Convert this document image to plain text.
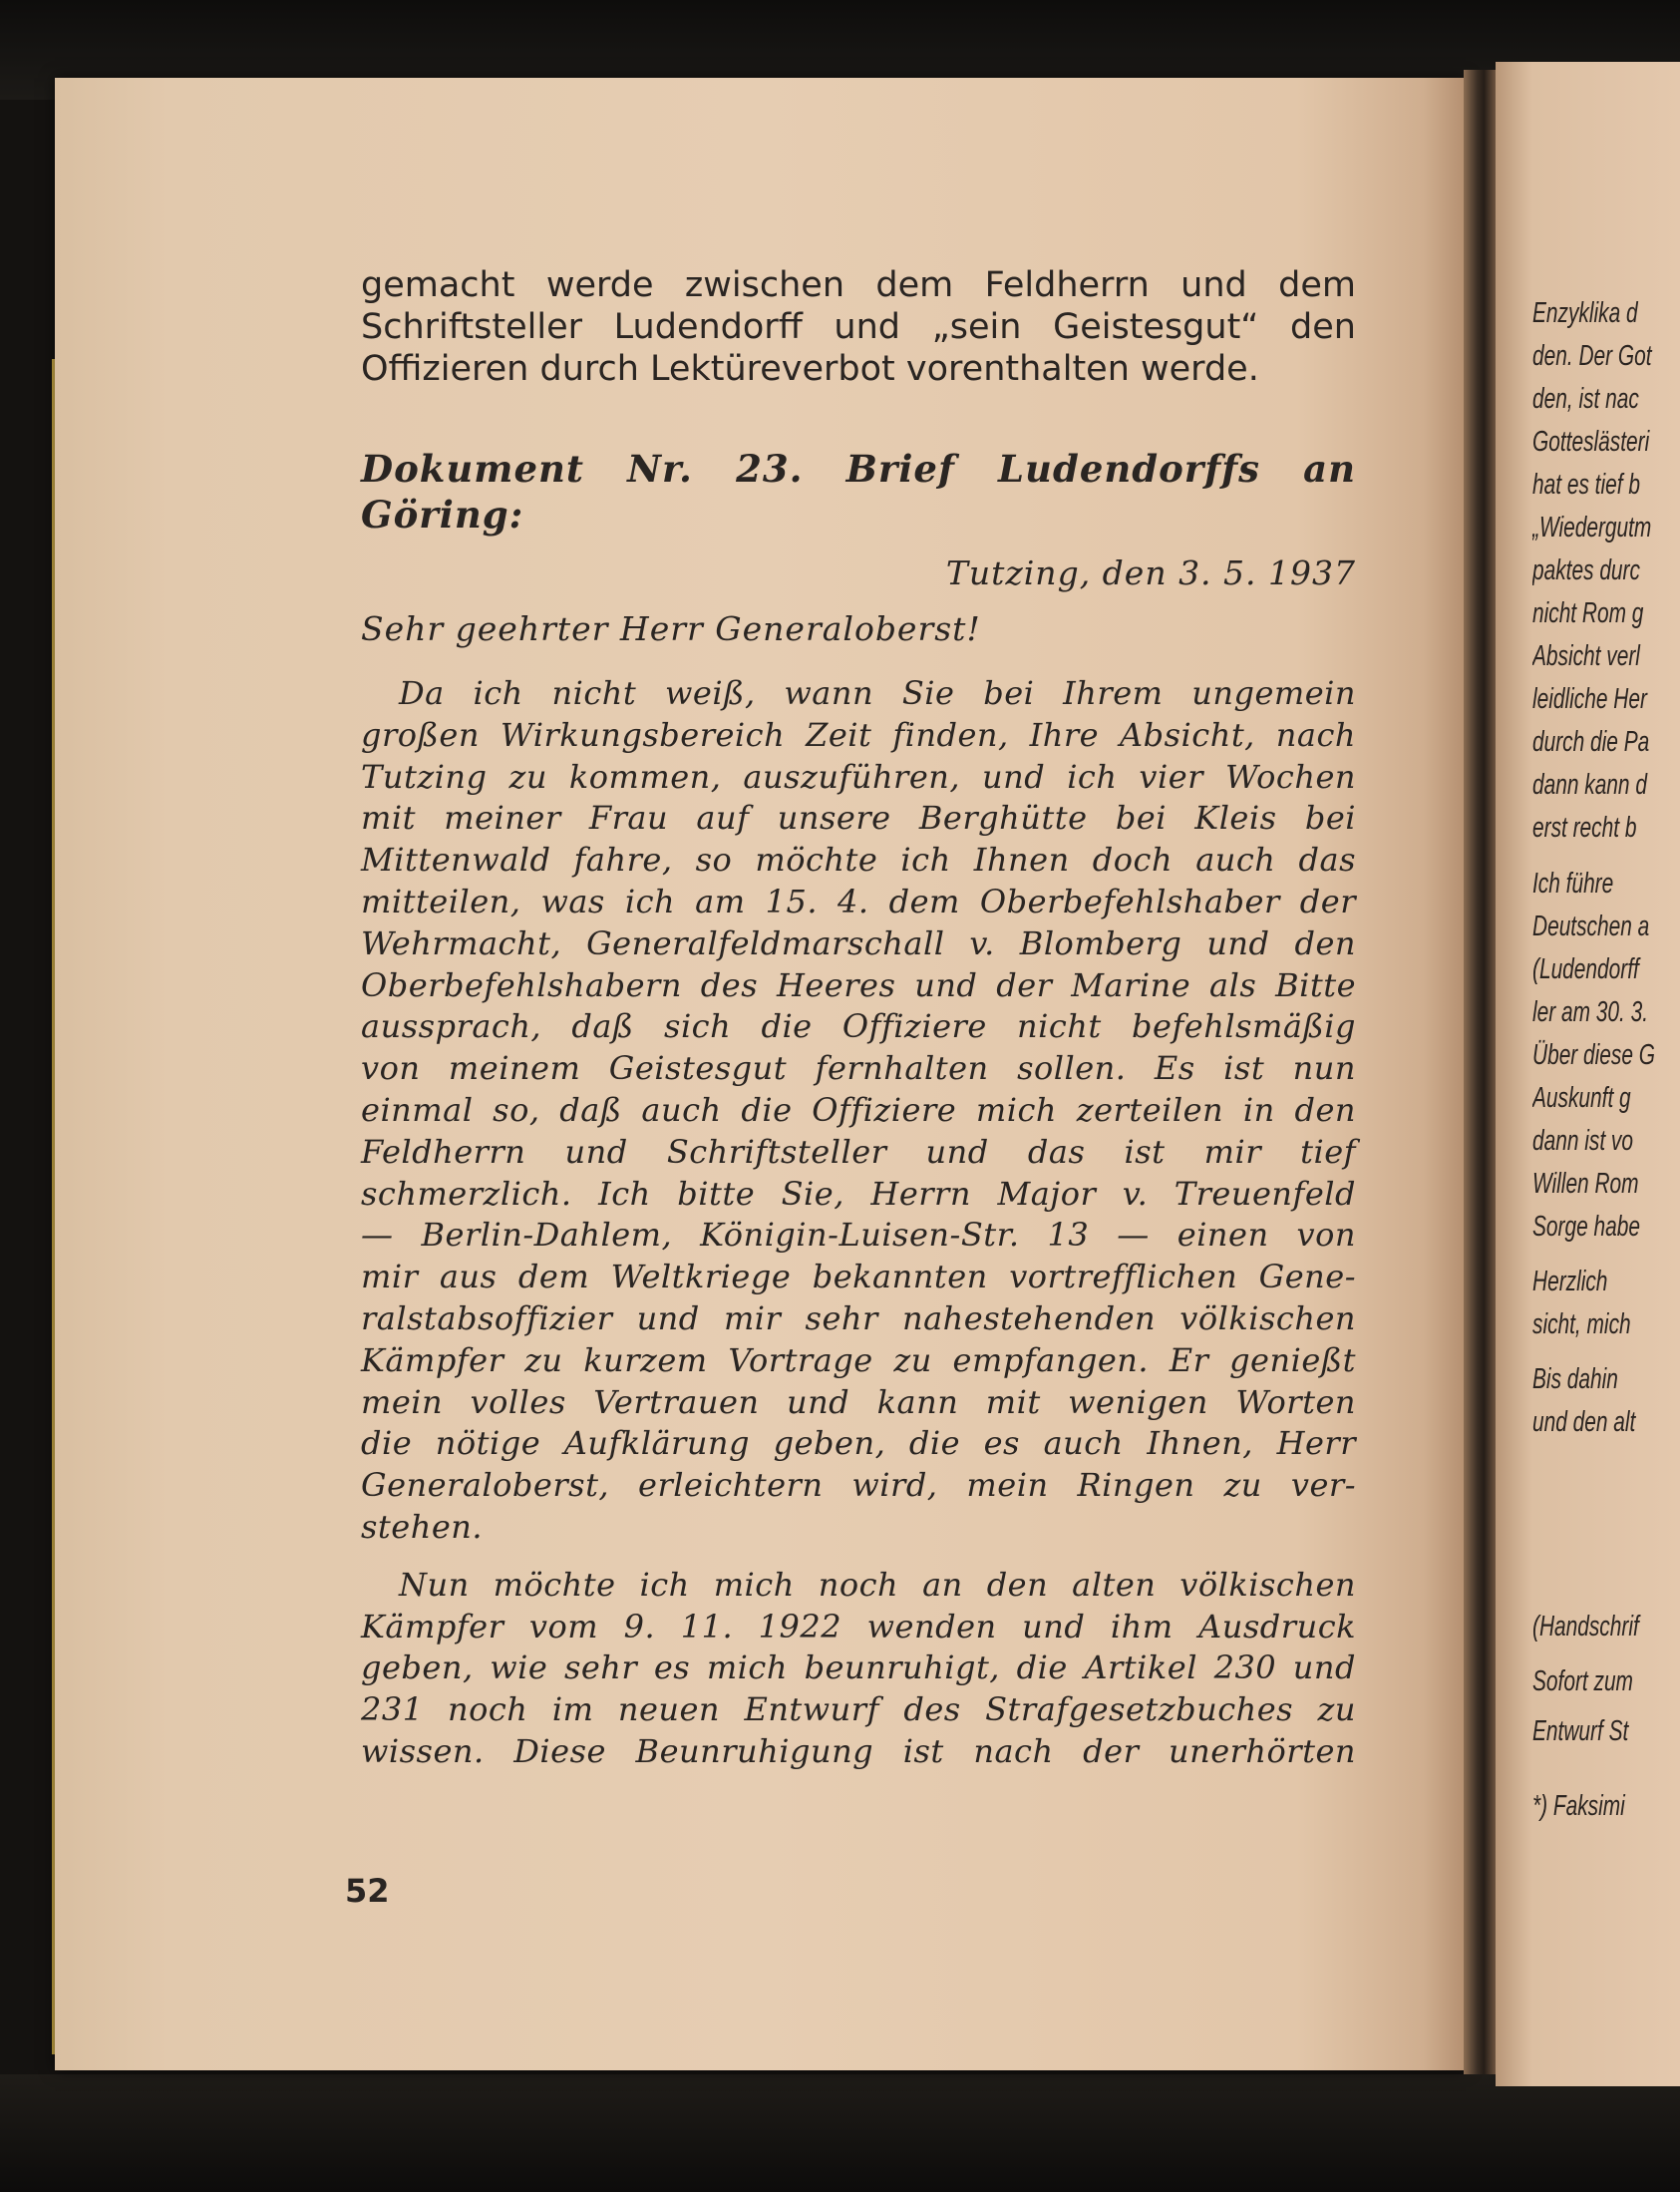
gemacht werde zwischen dem Feldherrn und dem

Schriftsteller Ludendorff und „sein Geistesgut“ den

Offizieren durch Lektüreverbot vorenthalten werde.

Dokument Nr. 23. Brief Ludendorffs an Göring:
Tutzing, den 3. 5. 1937
Sehr geehrter Herr Generaloberst!
Da ich nicht weiß, wann Sie bei Ihrem ungemein
großen Wirkungsbereich Zeit finden, Ihre Absicht, nach
Tutzing zu kommen, auszuführen, und ich vier Wochen
mit meiner Frau auf unsere Berghütte bei Kleis bei
Mittenwald fahre, so möchte ich Ihnen doch auch das
mitteilen, was ich am 15. 4. dem Oberbefehlshaber der
Wehrmacht, Generalfeldmarschall v. Blomberg und den
Oberbefehlshabern des Heeres und der Marine als Bitte
aussprach, daß sich die Offiziere nicht befehlsmäßig
von meinem Geistesgut fernhalten sollen. Es ist nun
einmal so, daß auch die Offiziere mich zerteilen in den
Feldherrn und Schriftsteller und das ist mir tief
schmerzlich. Ich bitte Sie, Herrn Major v. Treuenfeld
— Berlin-Dahlem, Königin-Luisen-Str. 13 — einen von
mir aus dem Weltkriege bekannten vortrefflichen Gene-
ralstabsoffizier und mir sehr nahestehenden völkischen
Kämpfer zu kurzem Vortrage zu empfangen. Er genießt
mein volles Vertrauen und kann mit wenigen Worten
die nötige Aufklärung geben, die es auch Ihnen, Herr
Generaloberst, erleichtern wird, mein Ringen zu ver-
stehen.
Nun möchte ich mich noch an den alten völkischen
Kämpfer vom 9. 11. 1922 wenden und ihm Ausdruck
geben, wie sehr es mich beunruhigt, die Artikel 230 und
231 noch im neuen Entwurf des Strafgesetzbuches zu
wissen. Diese Beunruhigung ist nach der unerhörten
52
Enzyklika d
den. Der Got
den, ist nac
Gotteslästeri
hat es tief b
„Wiedergutm
paktes durc
nicht Rom g
Absicht verl
leidliche Her
durch die Pa
dann kann d
erst recht b
Ich führe
Deutschen a
(Ludendorff
ler am 30. 3.
Über diese G
Auskunft g
dann ist vo
Willen Rom
Sorge habe
Herzlich
sicht, mich
Bis dahin
und den alt
(Handschrif
Sofort zum
Entwurf St
*) Faksimi
